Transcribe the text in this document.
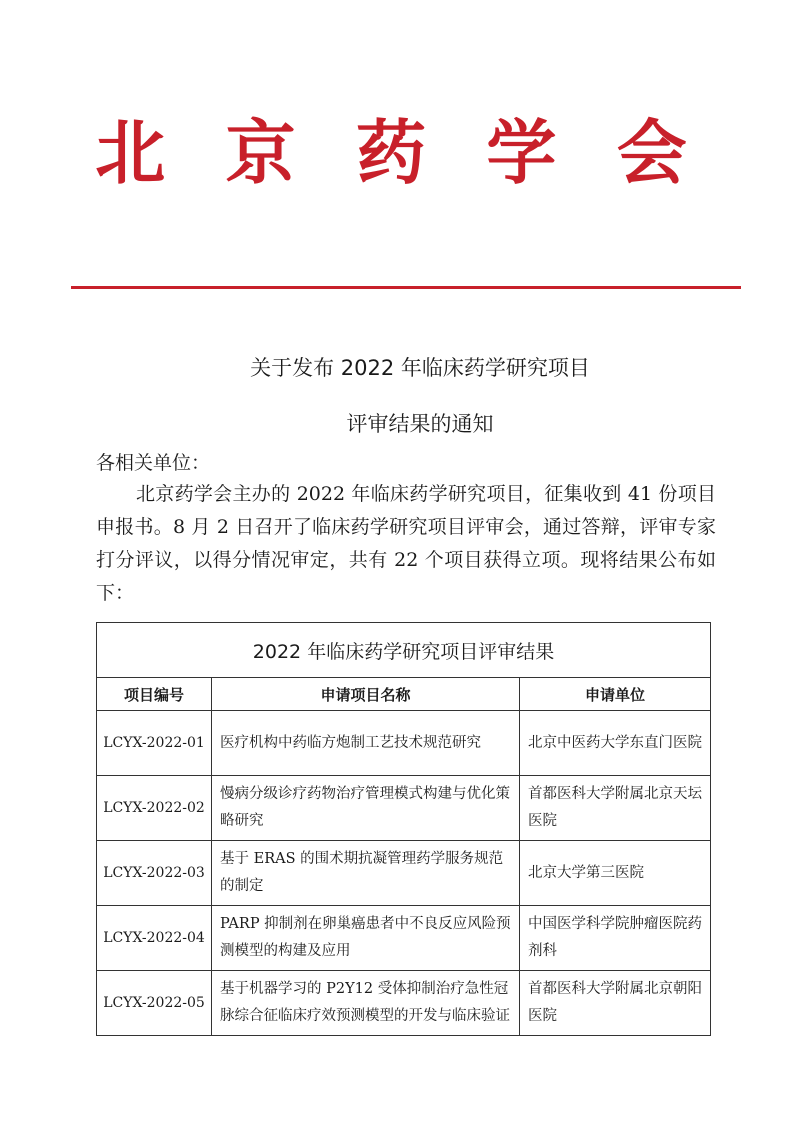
北 京 药 学 会
关于发布 2022 年临床药学研究项目
评审结果的通知
各相关单位：
北京药学会主办的 2022 年临床药学研究项目，征集收到 41 份项目申报书。8 月 2 日召开了临床药学研究项目评审会，通过答辩，评审专家打分评议，以得分情况审定，共有 22 个项目获得立项。现将结果公布如下：
2022 年临床药学研究项目评审结果		
项目编号	申请项目名称	申请单位
LCYX-2022-01	医疗机构中药临方炮制工艺技术规范研究	北京中医药大学东直门医院
LCYX-2022-02	慢病分级诊疗药物治疗管理模式构建与优化策略研究	首都医科大学附属北京天坛医院
LCYX-2022-03	基于 ERAS 的围术期抗凝管理药学服务规范的制定	北京大学第三医院
LCYX-2022-04	PARP 抑制剂在卵巢癌患者中不良反应风险预测模型的构建及应用	中国医学科学院肿瘤医院药剂科
LCYX-2022-05	基于机器学习的 P2Y12 受体抑制治疗急性冠脉综合征临床疗效预测模型的开发与临床验证	首都医科大学附属北京朝阳医院
